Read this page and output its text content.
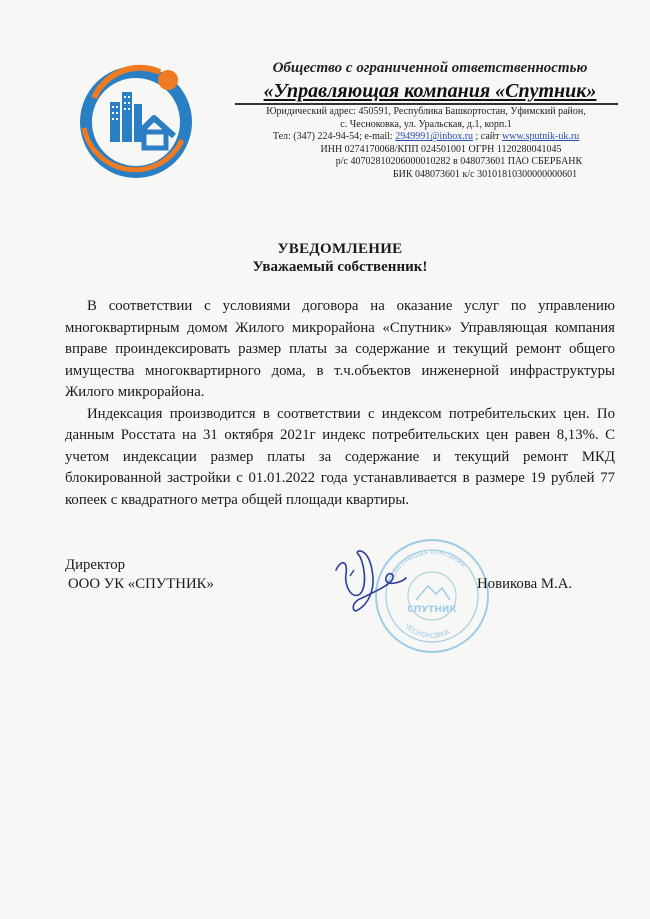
Общество с ограниченной ответственностью
«Управляющая компания «Спутник»
Юридический адрес: 450591, Республика Башкортостан, Уфимский район,
с. Чесноковка, ул. Уральская, д.1, корп.1
Тел: (347) 224-94-54; e-mail: 2949991@inbox.ru ; сайт www.sputnik-uk.ru
ИНН 0274170068/КПП 024501001 ОГРН 1120280041045
р/с 40702810206000010282 в 048073601 ПАО СБЕРБАНК
БИК 048073601 к/с 30101810300000000601
УВЕДОМЛЕНИЕ
Уважаемый собственник!

В соответствии с условиями договора на оказание услуг по управлению многоквартирным домом Жилого микрорайона «Спутник» Управляющая компания вправе проиндексировать размер платы за содержание и текущий ремонт общего имущества многоквартирного дома, в т.ч.объектов инженерной инфраструктуры Жилого микрорайона.

Индексация производится в соответствии с индексом потребительских цен. По данным Росстата на 31 октября 2021г индекс потребительских цен равен 8,13%. С учетом индексации размер платы за содержание и текущий ремонт МКД блокированной застройки с 01.01.2022 года устанавливается в размере 19 рублей 77 копеек с квадратного метра общей площади квартиры.

Управляющая компания
СПУТНИК
ЧЕСНОКОВКА
Директор
ООО УК «СПУТНИК»	Новикова М.А.
